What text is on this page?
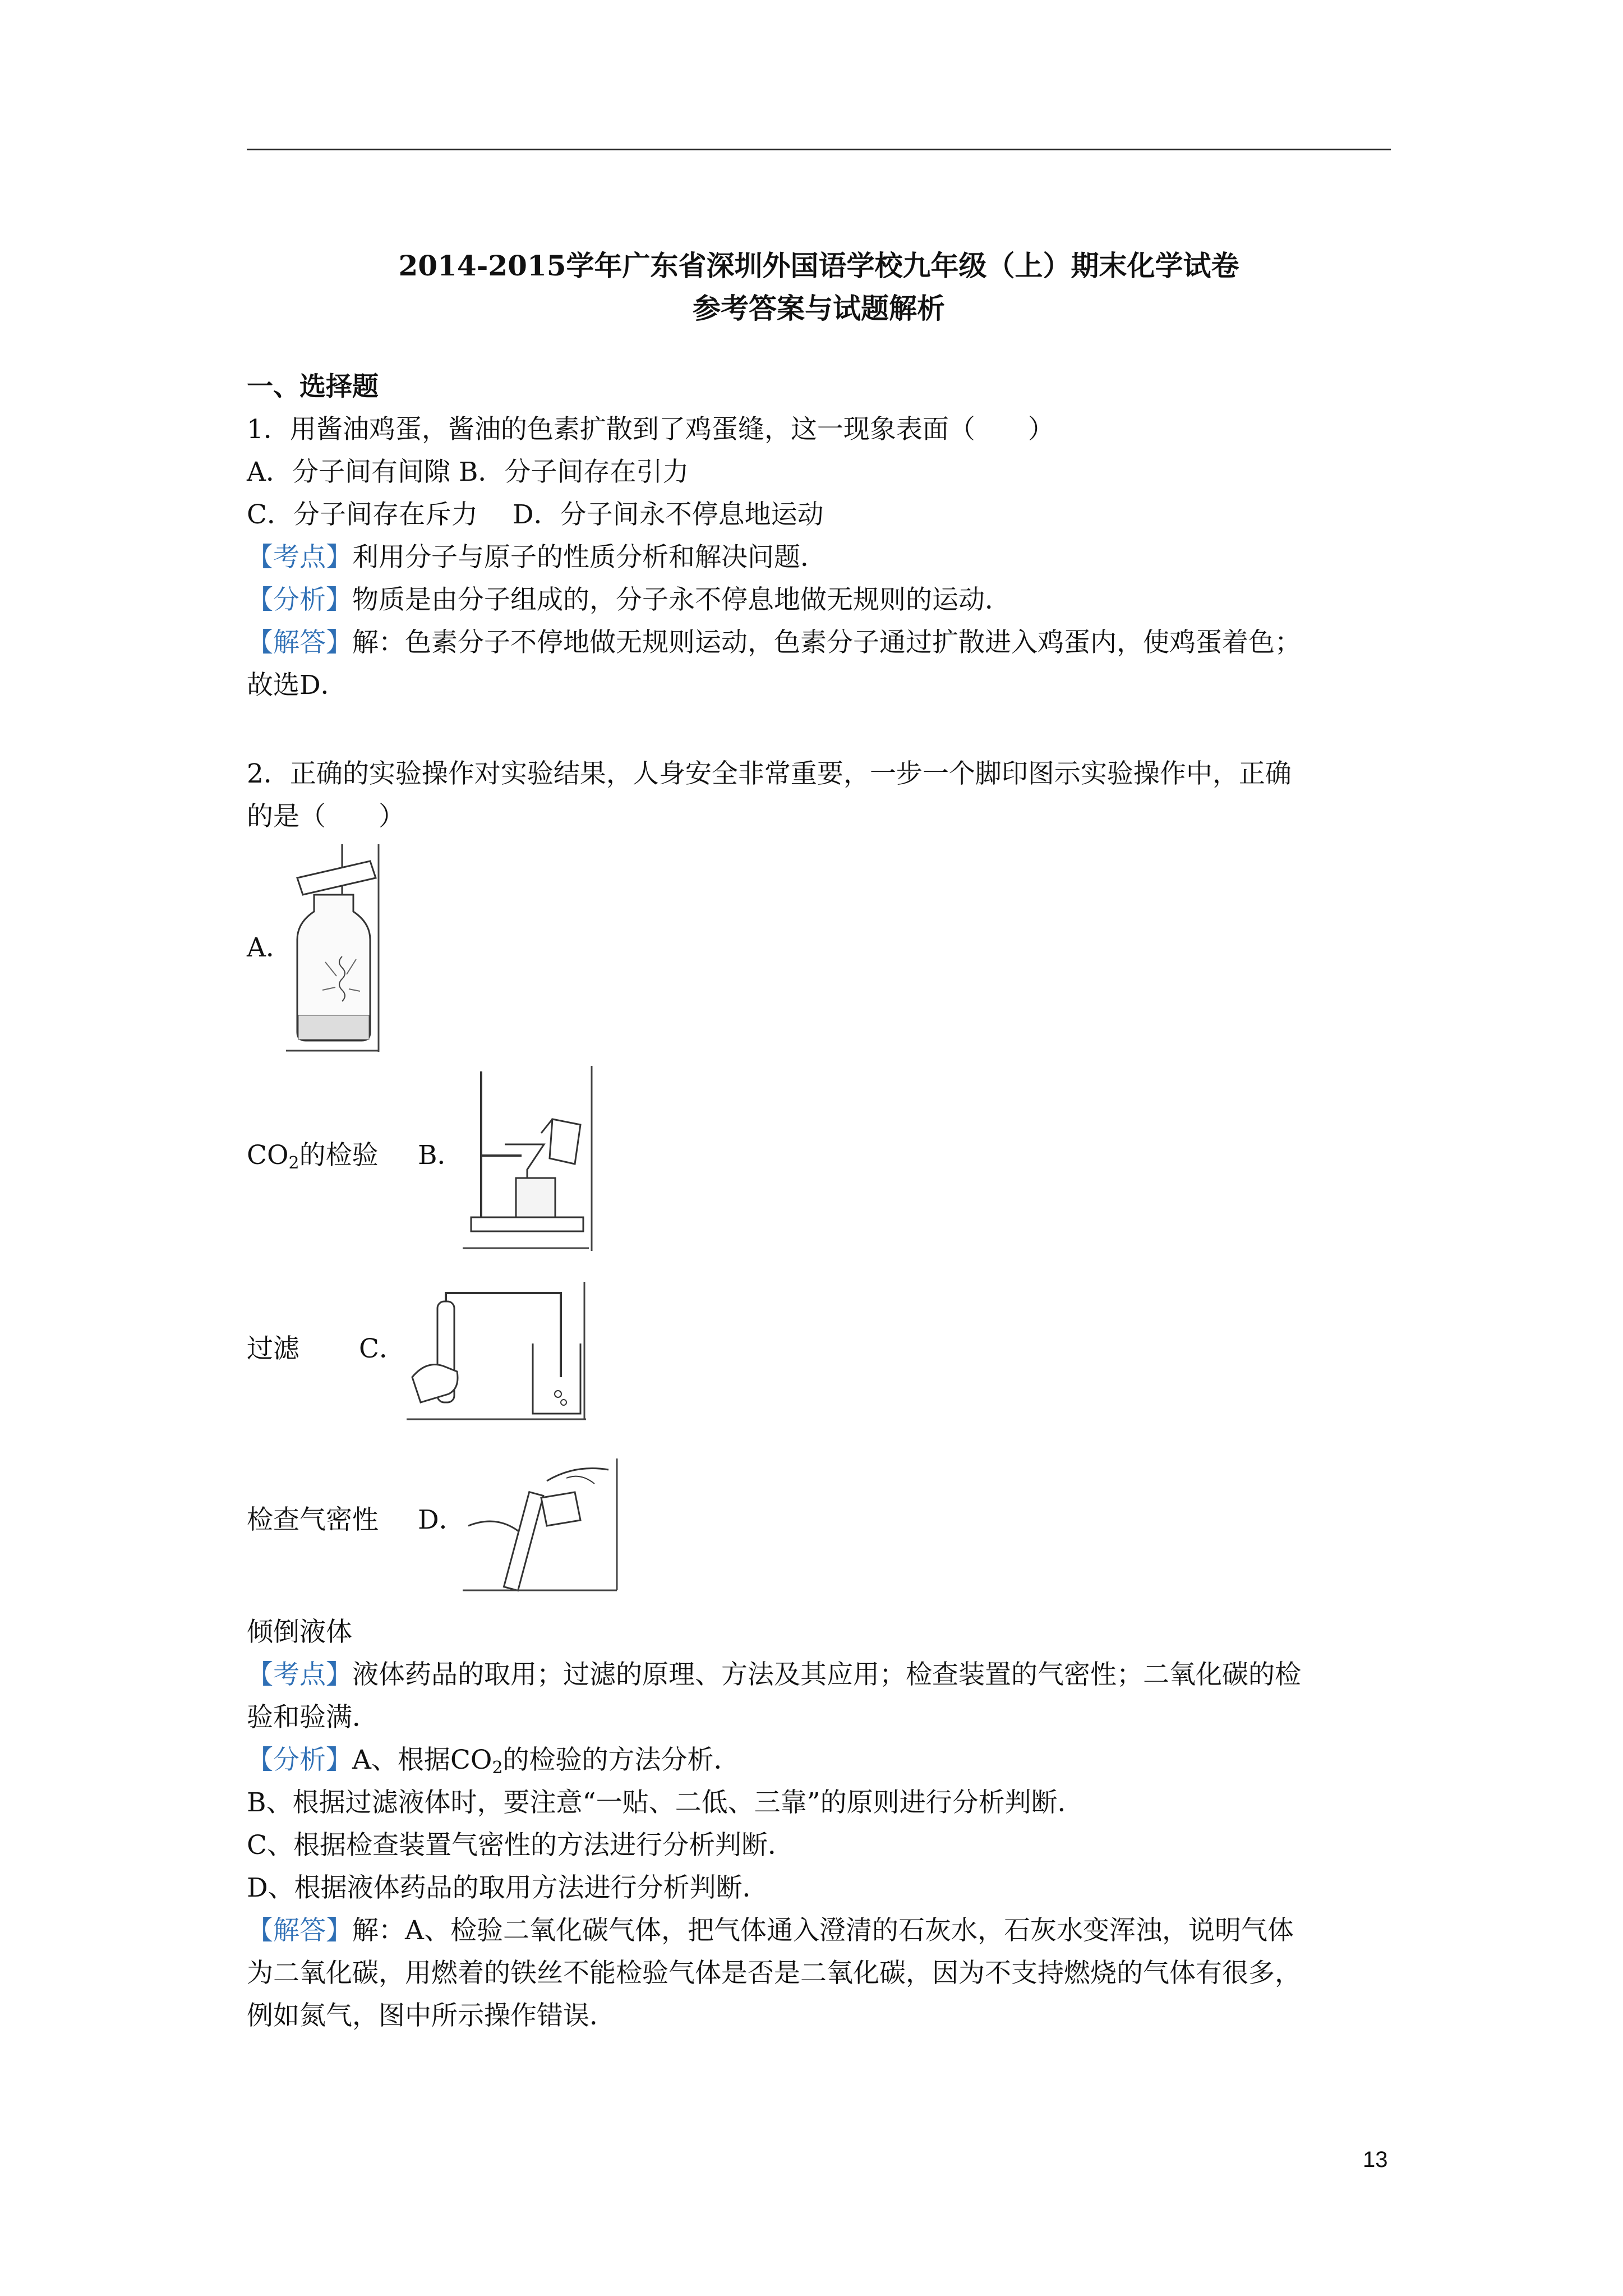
2014-2015学年广东省深圳外国语学校九年级（上）期末化学试卷
参考答案与试题解析
一、选择题
1．用酱油鸡蛋，酱油的色素扩散到了鸡蛋缝，这一现象表面（　　）
A．分子间有间隙 B．分子间存在引力
C．分子间存在斥力　 D．分子间永不停息地运动
【考点】利用分子与原子的性质分析和解决问题．
【分析】物质是由分子组成的，分子永不停息地做无规则的运动．
【解答】解：色素分子不停地做无规则运动，色素分子通过扩散进入鸡蛋内，使鸡蛋着色；
故选D．
2．正确的实验操作对实验结果，人身安全非常重要，一步一个脚印图示实验操作中，正确
的是（　　）
A．
$CO_2$的检验 B．
过滤 C．
检查气密性 D．
倾倒液体
【考点】液体药品的取用；过滤的原理、方法及其应用；检查装置的气密性；二氧化碳的检
验和验满．
【分析】A、根据$CO_2$的检验的方法分析．
B、根据过滤液体时，要注意“一贴、二低、三靠”的原则进行分析判断．
C、根据检查装置气密性的方法进行分析判断．
D、根据液体药品的取用方法进行分析判断．
【解答】解：A、检验二氧化碳气体，把气体通入澄清的石灰水，石灰水变浑浊，说明气体
为二氧化碳，用燃着的铁丝不能检验气体是否是二氧化碳，因为不支持燃烧的气体有很多，
例如氮气，图中所示操作错误．
13
